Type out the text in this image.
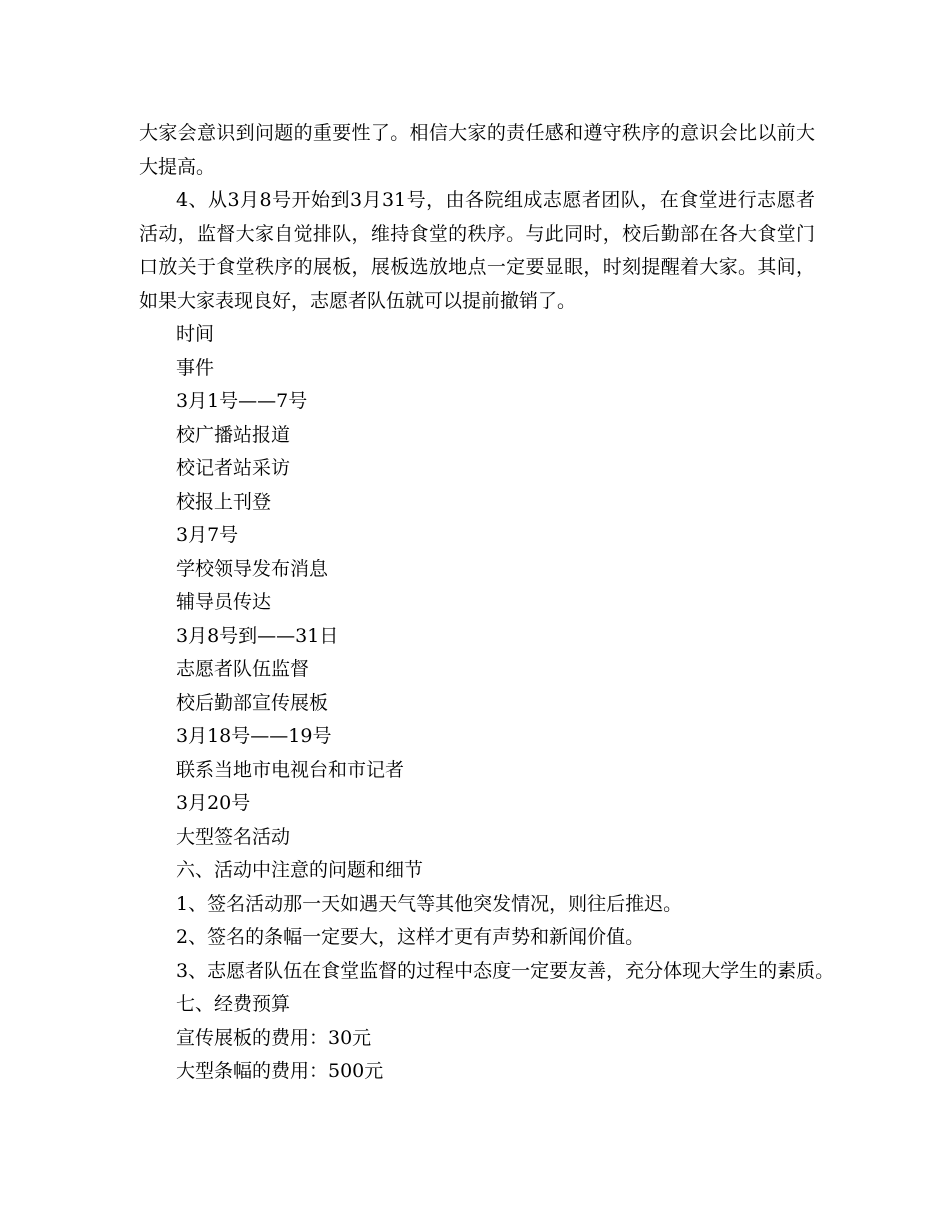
大家会意识到问题的重要性了。相信大家的责任感和遵守秩序的意识会比以前大大提高。

4、从3月8号开始到3月31号，由各院组成志愿者团队，在食堂进行志愿者活动，监督大家自觉排队，维持食堂的秩序。与此同时，校后勤部在各大食堂门口放关于食堂秩序的展板，展板选放地点一定要显眼，时刻提醒着大家。其间，如果大家表现良好，志愿者队伍就可以提前撤销了。

时间

事件

3月1号——7号

校广播站报道

校记者站采访

校报上刊登

3月7号

学校领导发布消息

辅导员传达

3月8号到——31日

志愿者队伍监督

校后勤部宣传展板

3月18号——19号

联系当地市电视台和市记者

3月20号

大型签名活动

六、活动中注意的问题和细节

1、签名活动那一天如遇天气等其他突发情况，则往后推迟。

2、签名的条幅一定要大，这样才更有声势和新闻价值。

3、志愿者队伍在食堂监督的过程中态度一定要友善，充分体现大学生的素质。

七、经费预算

宣传展板的费用：30元

大型条幅的费用：500元
